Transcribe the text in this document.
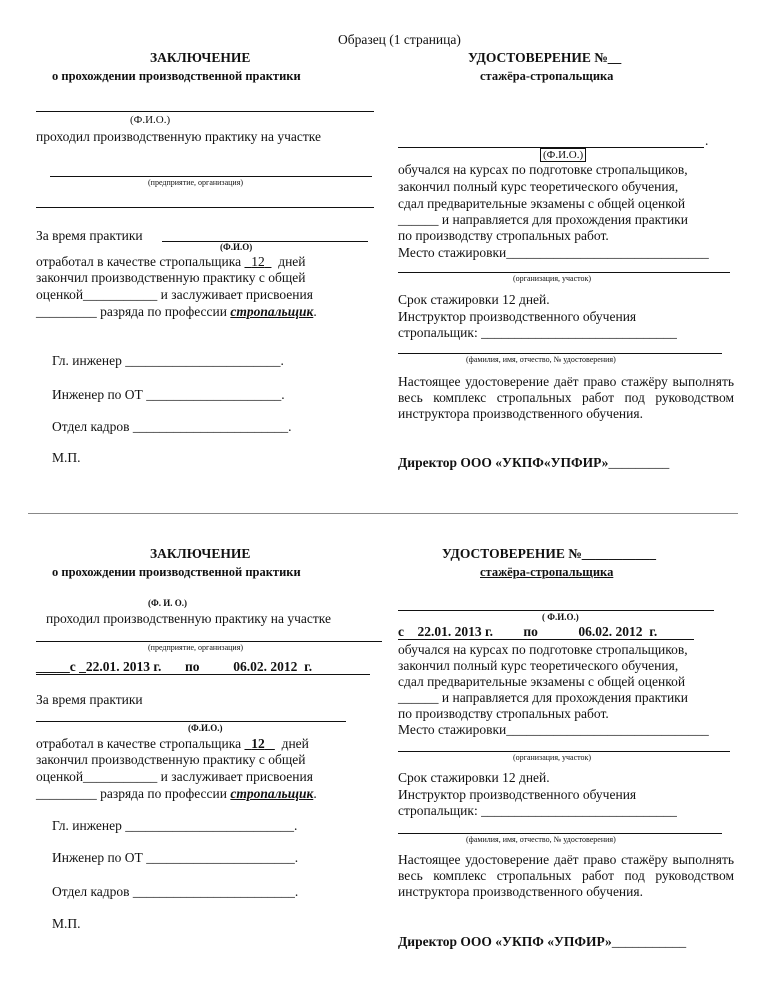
Образец (1 страница)
ЗАКЛЮЧЕНИЕ
о прохождении производственной практики
(Ф.И.О.)
проходил производственную практику на участке
(предприятие, организация)
За время практики
(Ф.И.О)
отработал в качестве стропальщика 12 дней
закончил производственную практику с общей
оценкой___________ и заслуживает присвоения
_________ разряда по профессии стропальщик.
Гл. инженер _______________________.
Инженер по ОТ ____________________.
Отдел кадров _______________________.
М.П.
УДОСТОВЕРЕНИЕ №__
стажёра-стропальщика
.
(Ф.И.О.)
обучался на курсах по подготовке стропальщиков,
закончил полный курс теоретического обучения,
сдал предварительные экзамены с общей оценкой
______ и направляется для прохождения практики
по производству стропальных работ.
Место стажировки______________________________
(организация, участок)
Срок стажировки 12 дней.
Инструктор производственного обучения
стропальщик: _____________________________
(фамилия, имя, отчество, № удостоверения)
Настоящее удостоверение даёт право стажёру выполнять весь комплекс стропальных работ под руководством инструктора производственного обучения.
Директор ООО «УКПФ«УПФИР»_________
ЗАКЛЮЧЕНИЕ
о прохождении производственной практики
(Ф. И. О.)
проходил производственную практику на участке
(предприятие, организация)
_____с _22.01. 2013 г. по	06.02. 2012 г.
За время практики
(Ф.И.О.)
отработал в качестве стропальщика 12 дней
закончил производственную практику с общей
оценкой___________ и заслуживает присвоения
_________ разряда по профессии стропальщик.
Гл. инженер _________________________.
Инженер по ОТ ______________________.
Отдел кадров ________________________.
М.П.
УДОСТОВЕРЕНИЕ №___________
стажёра-стропальщика
( Ф.И.О.)
с 22.01. 2013 г. по	06.02. 2012 г.
обучался на курсах по подготовке стропальщиков,
закончил полный курс теоретического обучения,
сдал предварительные экзамены с общей оценкой
______ и направляется для прохождения практики
по производству стропальных работ.
Место стажировки______________________________
(организация, участок)
Срок стажировки 12 дней.
Инструктор производственного обучения
стропальщик: _____________________________
(фамилия, имя, отчество, № удостоверения)
Настоящее удостоверение даёт право стажёру выполнять весь комплекс стропальных работ под руководством инструктора производственного обучения.
Директор ООО «УКПФ «УПФИР»___________
